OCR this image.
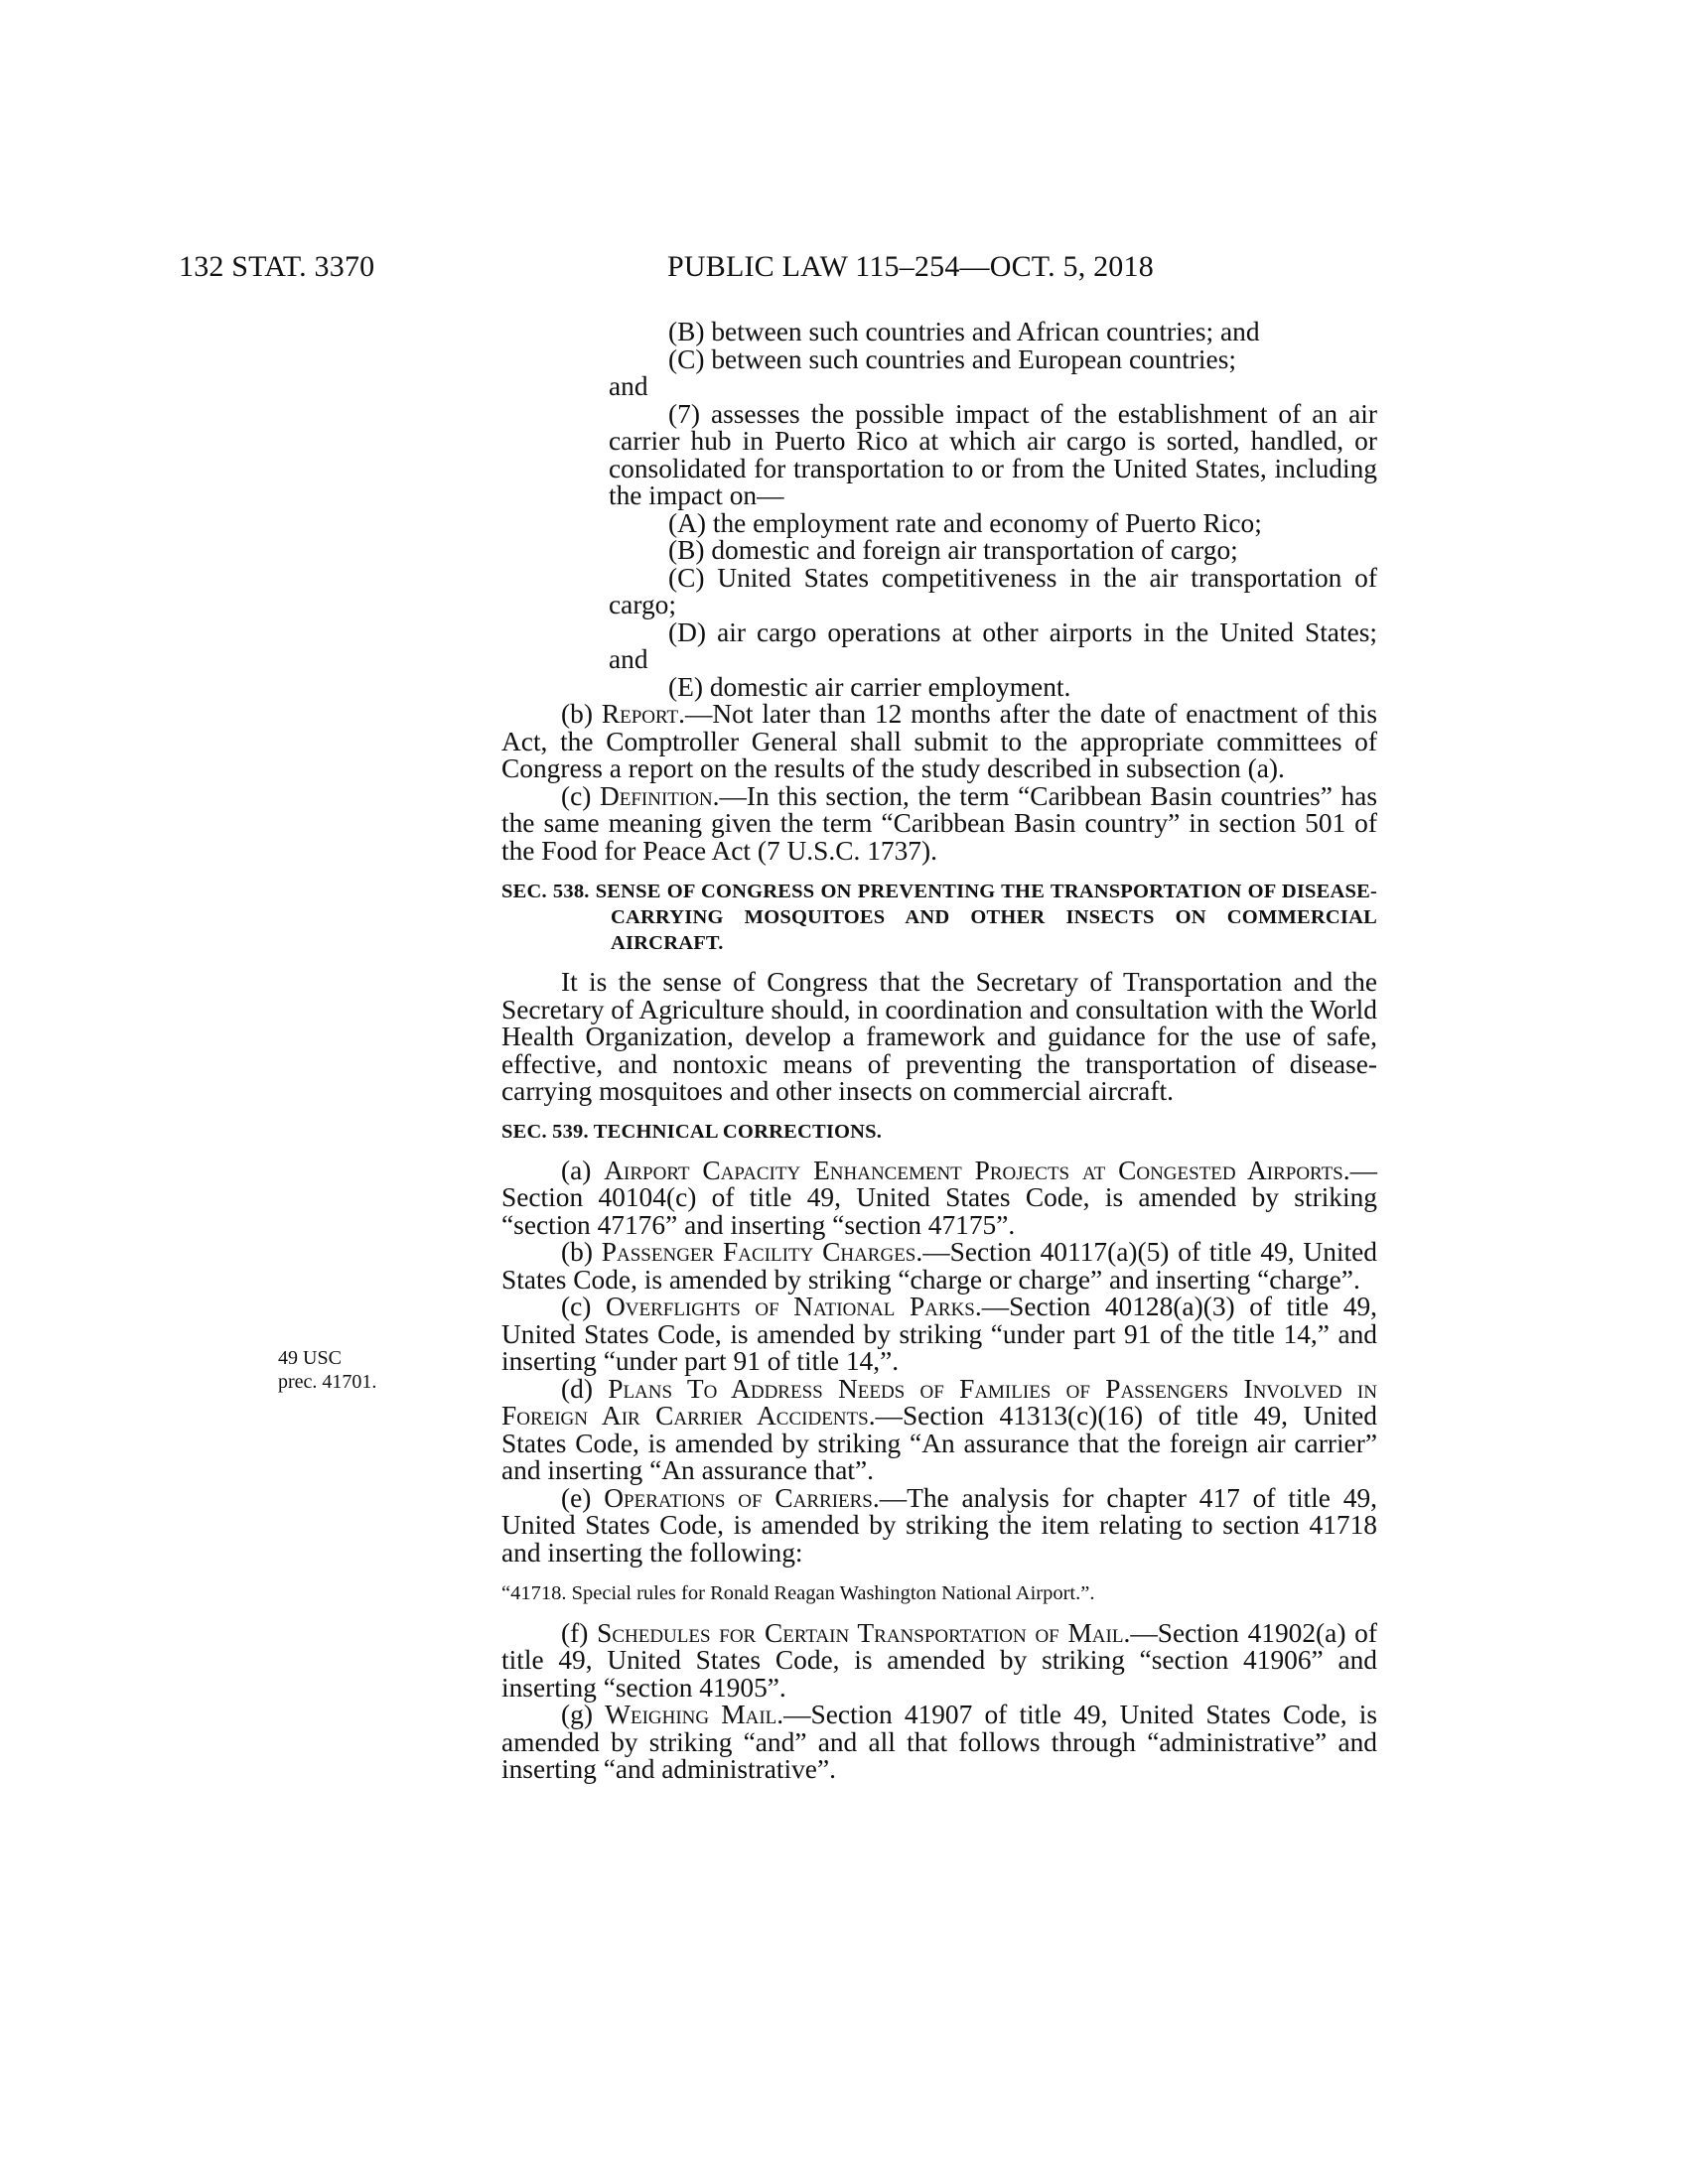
132 STAT. 3370	PUBLIC LAW 115–254—OCT. 5, 2018
49 USC
prec. 41701.

(B) between such countries and African countries; and

(C) between such countries and European countries;

and

(7) assesses the possible impact of the establishment of an air carrier hub in Puerto Rico at which air cargo is sorted, handled, or consolidated for transportation to or from the United States, including the impact on—

(A) the employment rate and economy of Puerto Rico;

(B) domestic and foreign air transportation of cargo;

(C) United States competitiveness in the air transportation of cargo;

(D) air cargo operations at other airports in the United States; and

(E) domestic air carrier employment.

(b) Report.—Not later than 12 months after the date of enactment of this Act, the Comptroller General shall submit to the appropriate committees of Congress a report on the results of the study described in subsection (a).

(c) Definition.—In this section, the term “Caribbean Basin countries” has the same meaning given the term “Caribbean Basin country” in section 501 of the Food for Peace Act (7 U.S.C. 1737).

SEC. 538. SENSE OF CONGRESS ON PREVENTING THE TRANSPORTATION OF DISEASE-CARRYING MOSQUITOES AND OTHER INSECTS ON COMMERCIAL AIRCRAFT.

It is the sense of Congress that the Secretary of Transportation and the Secretary of Agriculture should, in coordination and consultation with the World Health Organization, develop a framework and guidance for the use of safe, effective, and nontoxic means of preventing the transportation of disease-carrying mosquitoes and other insects on commercial aircraft.

SEC. 539. TECHNICAL CORRECTIONS.

(a) Airport Capacity Enhancement Projects at Congested Airports.—Section 40104(c) of title 49, United States Code, is amended by striking “section 47176” and inserting “section 47175”.

(b) Passenger Facility Charges.—Section 40117(a)(5) of title 49, United States Code, is amended by striking “charge or charge” and inserting “charge”.

(c) Overflights of National Parks.—Section 40128(a)(3) of title 49, United States Code, is amended by striking “under part 91 of the title 14,” and inserting “under part 91 of title 14,”.

(d) Plans To Address Needs of Families of Passengers Involved in Foreign Air Carrier Accidents.—Section 41313(c)(16) of title 49, United States Code, is amended by striking “An assurance that the foreign air carrier” and inserting “An assurance that”.

(e) Operations of Carriers.—The analysis for chapter 417 of title 49, United States Code, is amended by striking the item relating to section 41718 and inserting the following:

“41718. Special rules for Ronald Reagan Washington National Airport.”.

(f) Schedules for Certain Transportation of Mail.—Section 41902(a) of title 49, United States Code, is amended by striking “section 41906” and inserting “section 41905”.

(g) Weighing Mail.—Section 41907 of title 49, United States Code, is amended by striking “and” and all that follows through “administrative” and inserting “and administrative”.
